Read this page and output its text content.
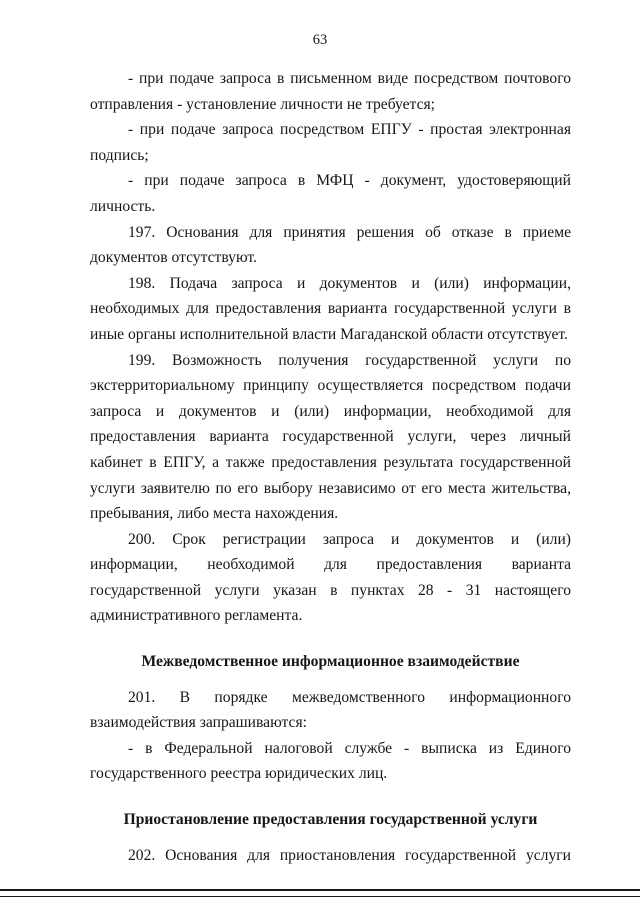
63

- при подаче запроса в письменном виде посредством почтового отправления - установление личности не требуется;

- при подаче запроса посредством ЕПГУ - простая электронная подпись;

- при подаче запроса в МФЦ - документ, удостоверяющий личность.

197. Основания для принятия решения об отказе в приеме документов отсутствуют.

198. Подача запроса и документов и (или) информации, необходимых для предоставления варианта государственной услуги в иные органы исполнительной власти Магаданской области отсутствует.

199. Возможность получения государственной услуги по экстерриториальному принципу осуществляется посредством подачи запроса и документов и (или) информации, необходимой для предоставления варианта государственной услуги, через личный кабинет в ЕПГУ, а также предоставления результата государственной услуги заявителю по его выбору независимо от его места жительства, пребывания, либо места нахождения.

200. Срок регистрации запроса и документов и (или) информации, необходимой для предоставления варианта государственной услуги указан в пунктах 28 - 31 настоящего административного регламента.

Межведомственное информационное взаимодействие

201. В порядке межведомственного информационного взаимодействия запрашиваются:

- в Федеральной налоговой службе - выписка из Единого государственного реестра юридических лиц.

Приостановление предоставления государственной услуги

202. Основания для приостановления государственной услуги
